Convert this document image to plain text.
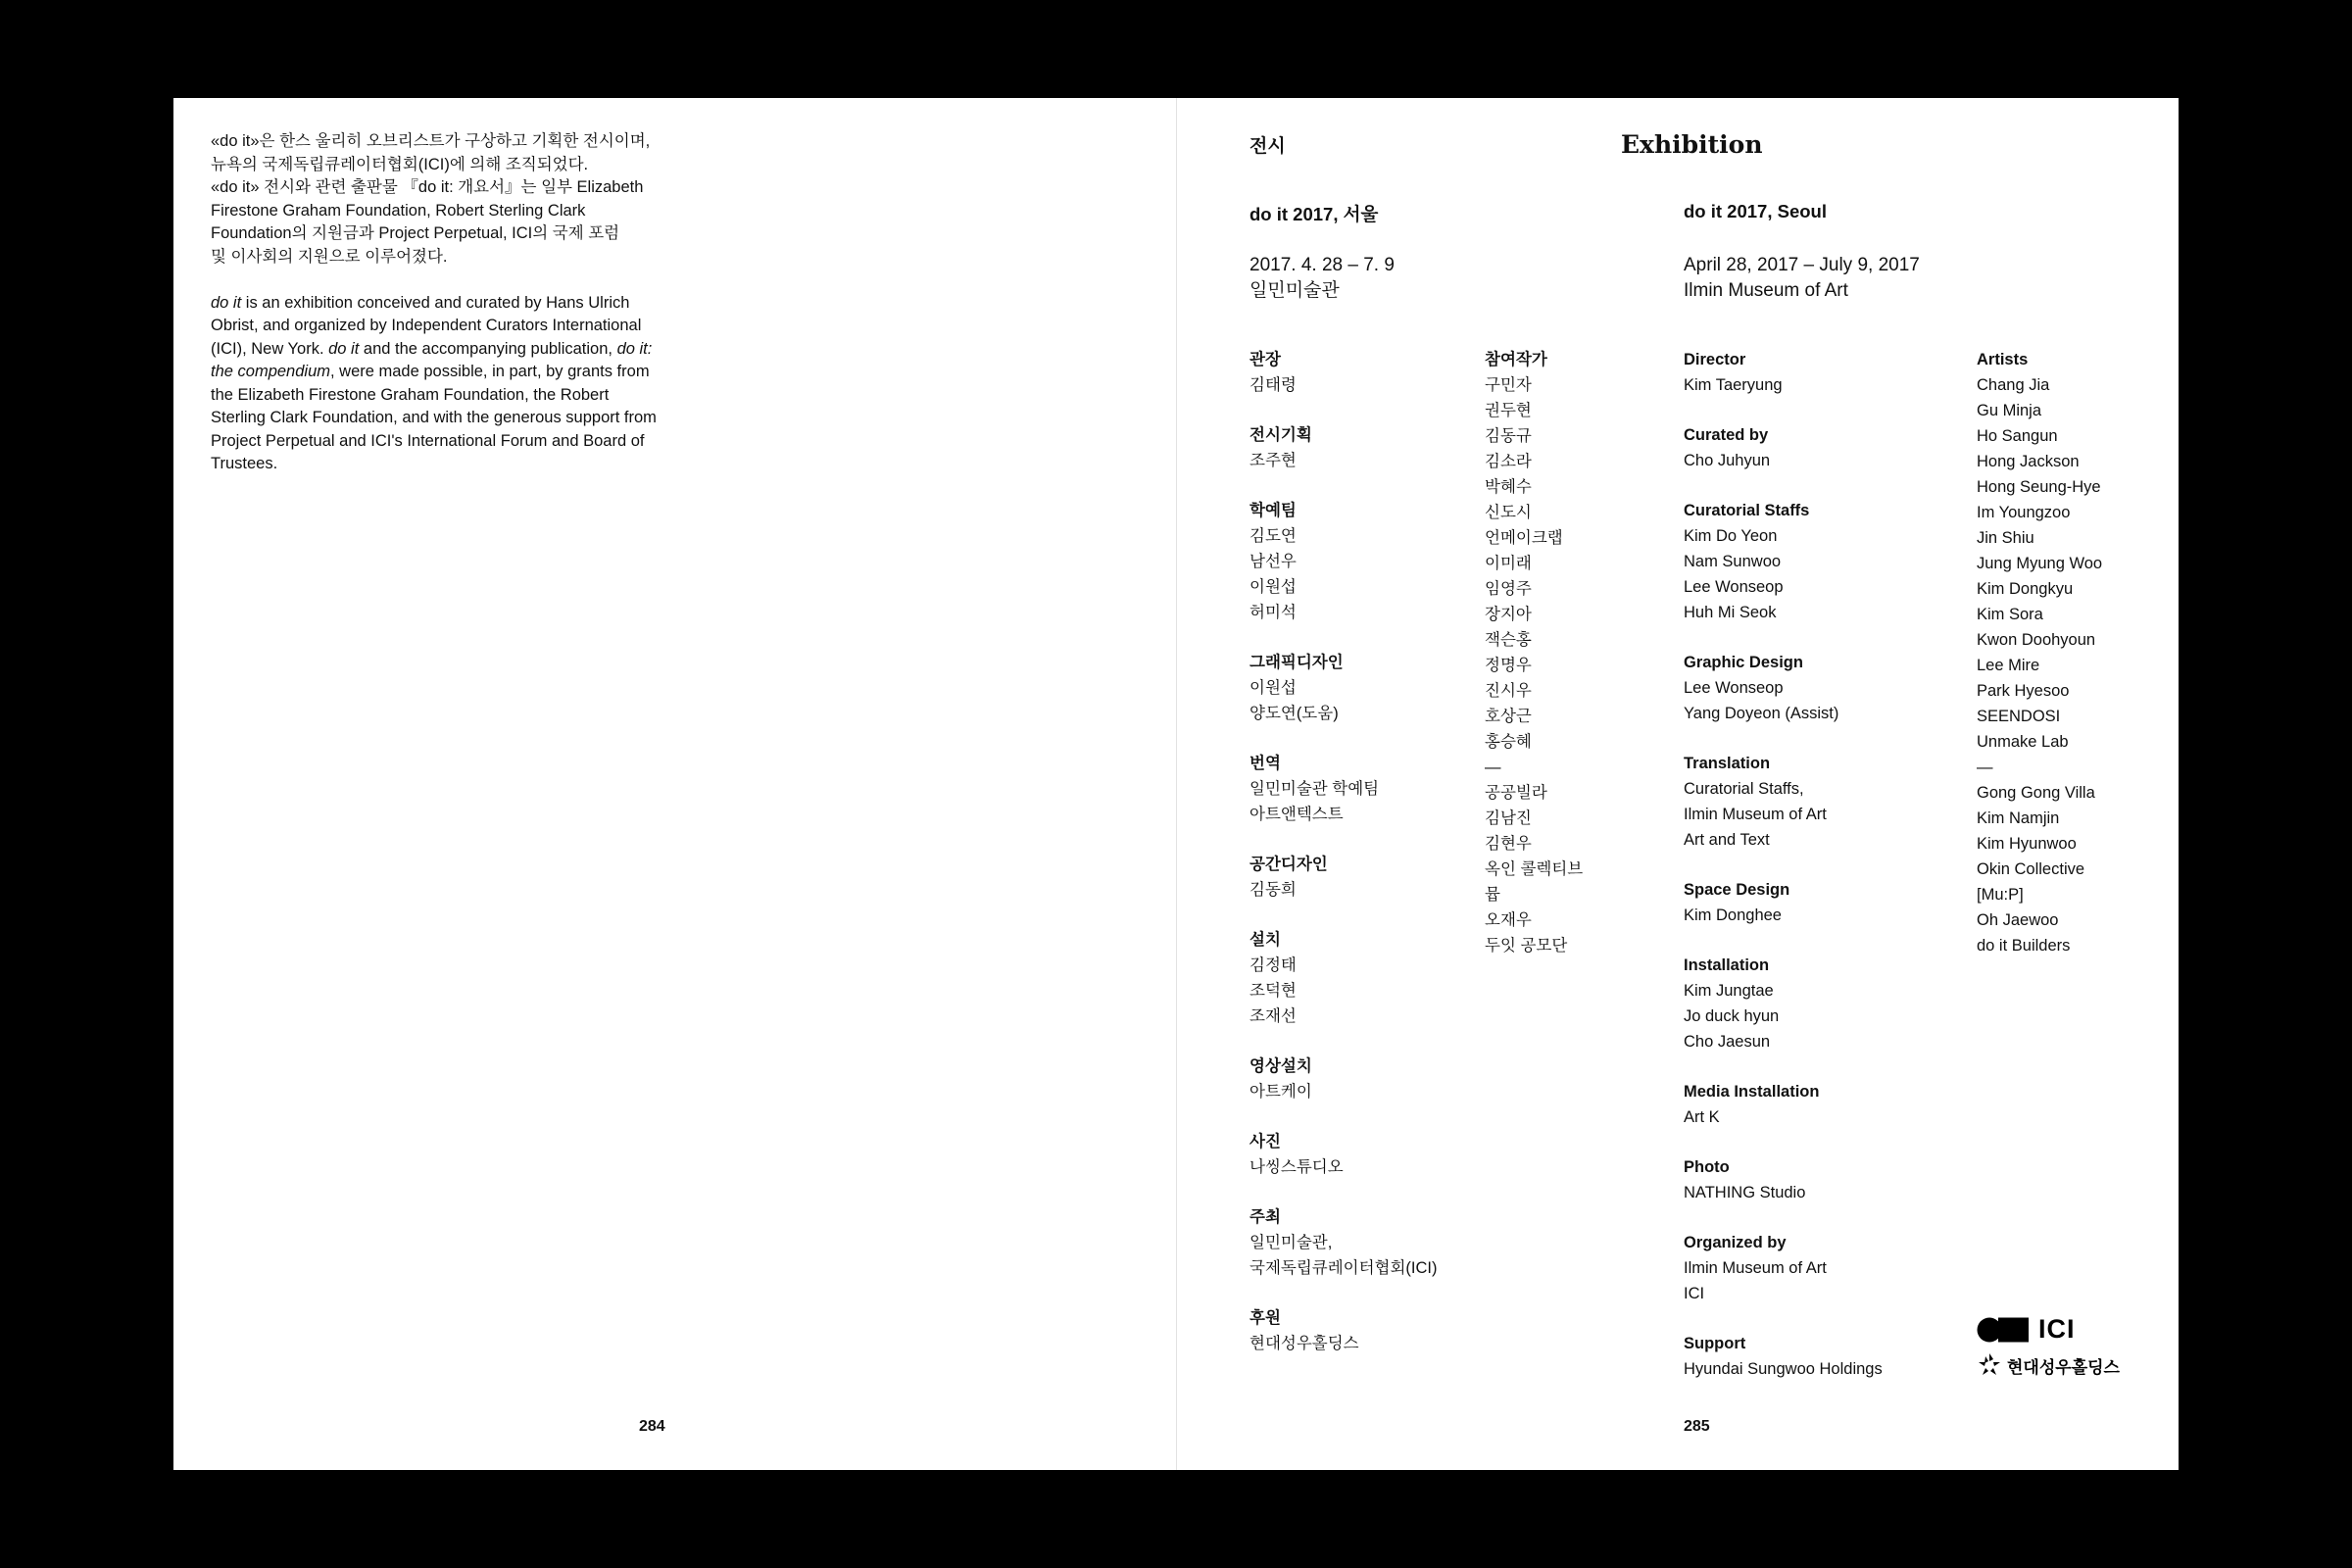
«do it»은 한스 울리히 오브리스트가 구상하고 기획한 전시이며,
뉴욕의 국제독립큐레이터협회(ICI)에 의해 조직되었다.
«do it» 전시와 관련 출판물 『do it: 개요서』는 일부 Elizabeth
Firestone Graham Foundation, Robert Sterling Clark
Foundation의 지원금과 Project Perpetual, ICI의 국제 포럼
및 이사회의 지원으로 이루어졌다.

do it is an exhibition conceived and curated by Hans Ulrich Obrist, and organized by Independent Curators International (ICI), New York. do it and the accompanying publication, do it: the compendium, were made possible, in part, by grants from the Elizabeth Firestone Graham Foundation, the Robert Sterling Clark Foundation, and with the generous support from Project Perpetual and ICI's International Forum and Board of Trustees.

284
전시	Exhibition
do it 2017, 서울	do it 2017, Seoul
2017. 4. 28 – 7. 9
일민미술관
April 28, 2017 – July 9, 2017
Ilmin Museum of Art
관장
김태령
전시기획
조주현
학예팀
김도연
남선우
이원섭
허미석
그래픽디자인
이원섭
양도연(도움)
번역
일민미술관 학예팀
아트앤텍스트
공간디자인
김동희
설치
김정태
조덕현
조재선
영상설치
아트케이
사진
나씽스튜디오
주최
일민미술관,
국제독립큐레이터협회(ICI)
후원
현대성우홀딩스
참여작가
구민자
권두현
김동규
김소라
박혜수
신도시
언메이크랩
이미래
임영주
장지아
잭슨홍
정명우
진시우
호상근
홍승혜
—
공공빌라
김남진
김현우
옥인 콜렉티브
뮵
오재우
두잇 공모단
Director
Kim Taeryung
Curated by
Cho Juhyun
Curatorial Staffs
Kim Do Yeon
Nam Sunwoo
Lee Wonseop
Huh Mi Seok
Graphic Design
Lee Wonseop
Yang Doyeon (Assist)
Translation
Curatorial Staffs,
Ilmin Museum of Art
Art and Text
Space Design
Kim Donghee
Installation
Kim Jungtae
Jo duck hyun
Cho Jaesun
Media Installation
Art K
Photo
NATHING Studio
Organized by
Ilmin Museum of Art
ICI
Support
Hyundai Sungwoo Holdings
Artists
Chang Jia
Gu Minja
Ho Sangun
Hong Jackson
Hong Seung-Hye
Im Youngzoo
Jin Shiu
Jung Myung Woo
Kim Dongkyu
Kim Sora
Kwon Doohyoun
Lee Mire
Park Hyesoo
SEENDOSI
Unmake Lab
—
Gong Gong Villa
Kim Namjin
Kim Hyunwoo
Okin Collective
[Mu:P]
Oh Jaewoo
do it Builders
ICI
현대성우홀딩스
285
